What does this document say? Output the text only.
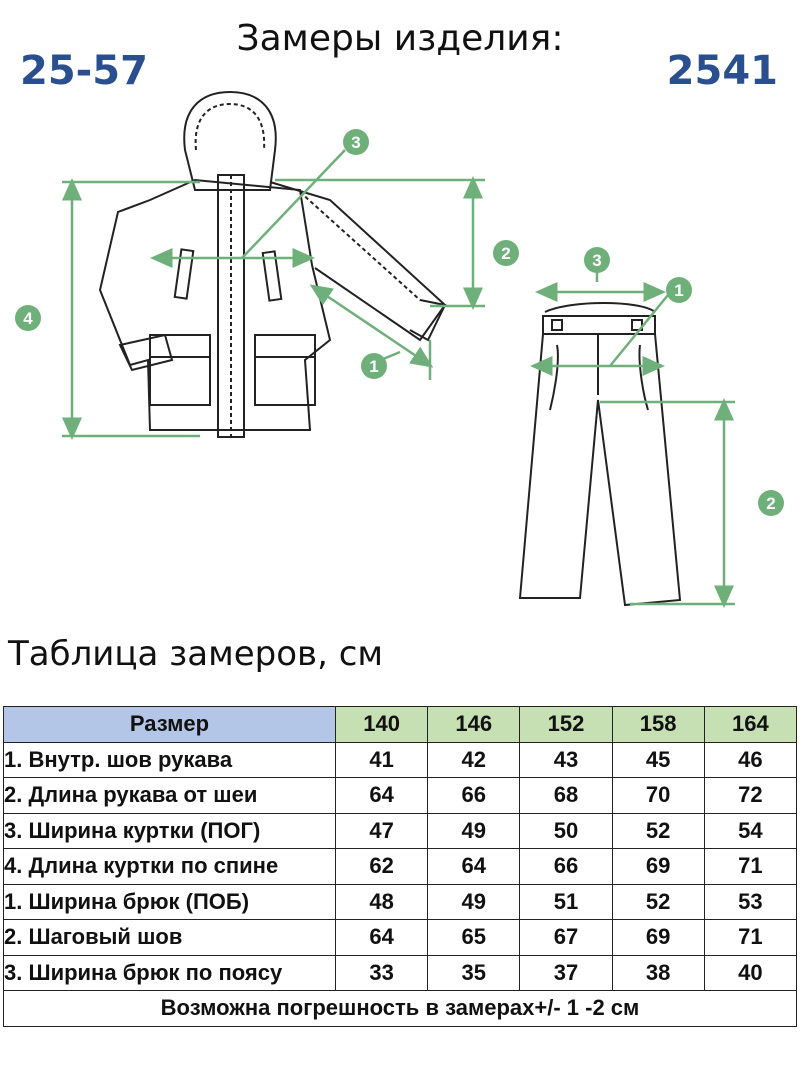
Замеры изделия:
25-57	2541
4
2
3
1
3
1
2
Таблица замеров, см
Размер	140	146	152	158	164
1. Внутр. шов рукава	41	42	43	45	46
2. Длина рукава от шеи	64	66	68	70	72
3. Ширина куртки (ПОГ)	47	49	50	52	54
4. Длина куртки по спине	62	64	66	69	71
1. Ширина брюк (ПОБ)	48	49	51	52	53
2. Шаговый шов	64	65	67	69	71
3. Ширина брюк по поясу	33	35	37	38	40
Возможна погрешность в замерах+/- 1 -2 см					
